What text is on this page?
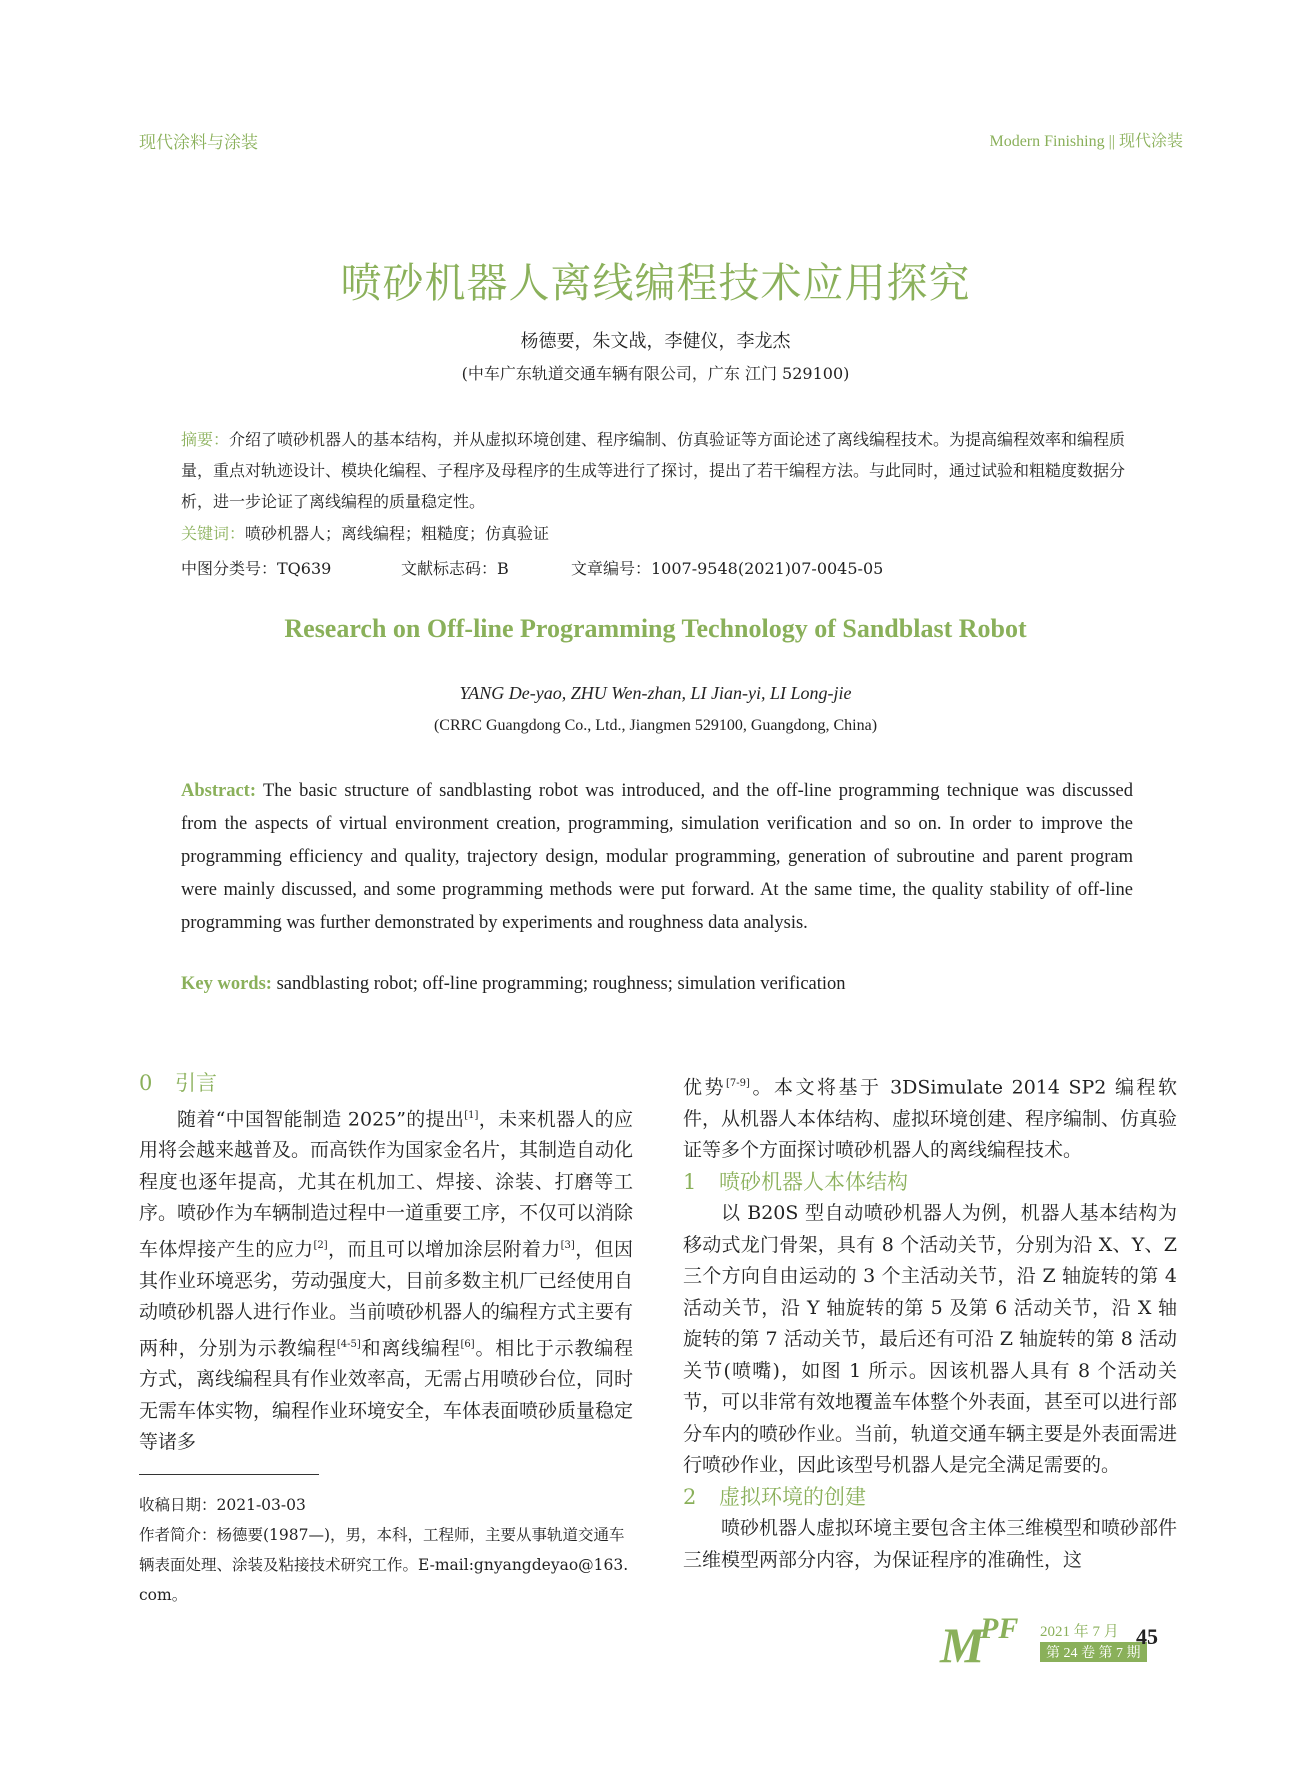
现代涂料与涂装	Modern Finishing || 现代涂装
喷砂机器人离线编程技术应用探究
杨德要，朱文战，李健仪，李龙杰
(中车广东轨道交通车辆有限公司，广东 江门 529100)
摘要：介绍了喷砂机器人的基本结构，并从虚拟环境创建、程序编制、仿真验证等方面论述了离线编程技术。为提高编程效率和编程质量，重点对轨迹设计、模块化编程、子程序及母程序的生成等进行了探讨，提出了若干编程方法。与此同时，通过试验和粗糙度数据分析，进一步论证了离线编程的质量稳定性。
关键词：喷砂机器人；离线编程；粗糙度；仿真验证
中图分类号：TQ639	文献标志码：B	文章编号：1007-9548(2021)07-0045-05
Research on Off-line Programming Technology of Sandblast Robot
YANG De-yao, ZHU Wen-zhan, LI Jian-yi, LI Long-jie
(CRRC Guangdong Co., Ltd., Jiangmen 529100, Guangdong, China)
Abstract: The basic structure of sandblasting robot was introduced, and the off-line programming technique was discussed from the aspects of virtual environment creation, programming, simulation verification and so on. In order to improve the programming efficiency and quality, trajectory design, modular programming, generation of subroutine and parent program were mainly discussed, and some programming methods were put forward. At the same time, the quality stability of off-line programming was further demonstrated by experiments and roughness data analysis.
Key words: sandblasting robot; off-line programming; roughness; simulation verification
0 引言
随着“中国智能制造 2025”的提出[1]，未来机器人的应用将会越来越普及。而高铁作为国家金名片，其制造自动化程度也逐年提高，尤其在机加工、焊接、涂装、打磨等工序。喷砂作为车辆制造过程中一道重要工序，不仅可以消除车体焊接产生的应力[2]，而且可以增加涂层附着力[3]，但因其作业环境恶劣，劳动强度大，目前多数主机厂已经使用自动喷砂机器人进行作业。当前喷砂机器人的编程方式主要有两种，分别为示教编程[4-5]和离线编程[6]。相比于示教编程方式，离线编程具有作业效率高，无需占用喷砂台位，同时无需车体实物，编程作业环境安全，车体表面喷砂质量稳定等诸多
收稿日期：2021-03-03
作者简介：杨德要(1987—)，男，本科，工程师，主要从事轨道交通车辆表面处理、涂装及粘接技术研究工作。E-mail:gnyangdeyao@163.com。
优势[7-9]。本文将基于 3DSimulate 2014 SP2 编程软件，从机器人本体结构、虚拟环境创建、程序编制、仿真验证等多个方面探讨喷砂机器人的离线编程技术。
1 喷砂机器人本体结构
以 B20S 型自动喷砂机器人为例，机器人基本结构为移动式龙门骨架，具有 8 个活动关节，分别为沿 X、Y、Z 三个方向自由运动的 3 个主活动关节，沿 Z 轴旋转的第 4 活动关节，沿 Y 轴旋转的第 5 及第 6 活动关节，沿 X 轴旋转的第 7 活动关节，最后还有可沿 Z 轴旋转的第 8 活动关节(喷嘴)，如图 1 所示。因该机器人具有 8 个活动关节，可以非常有效地覆盖车体整个外表面，甚至可以进行部分车内的喷砂作业。当前，轨道交通车辆主要是外表面需进行喷砂作业，因此该型号机器人是完全满足需要的。
2 虚拟环境的创建
喷砂机器人虚拟环境主要包含主体三维模型和喷砂部件三维模型两部分内容，为保证程序的准确性，这
M
PF 2021 年 7 月
第 24 卷 第 7 期
45
